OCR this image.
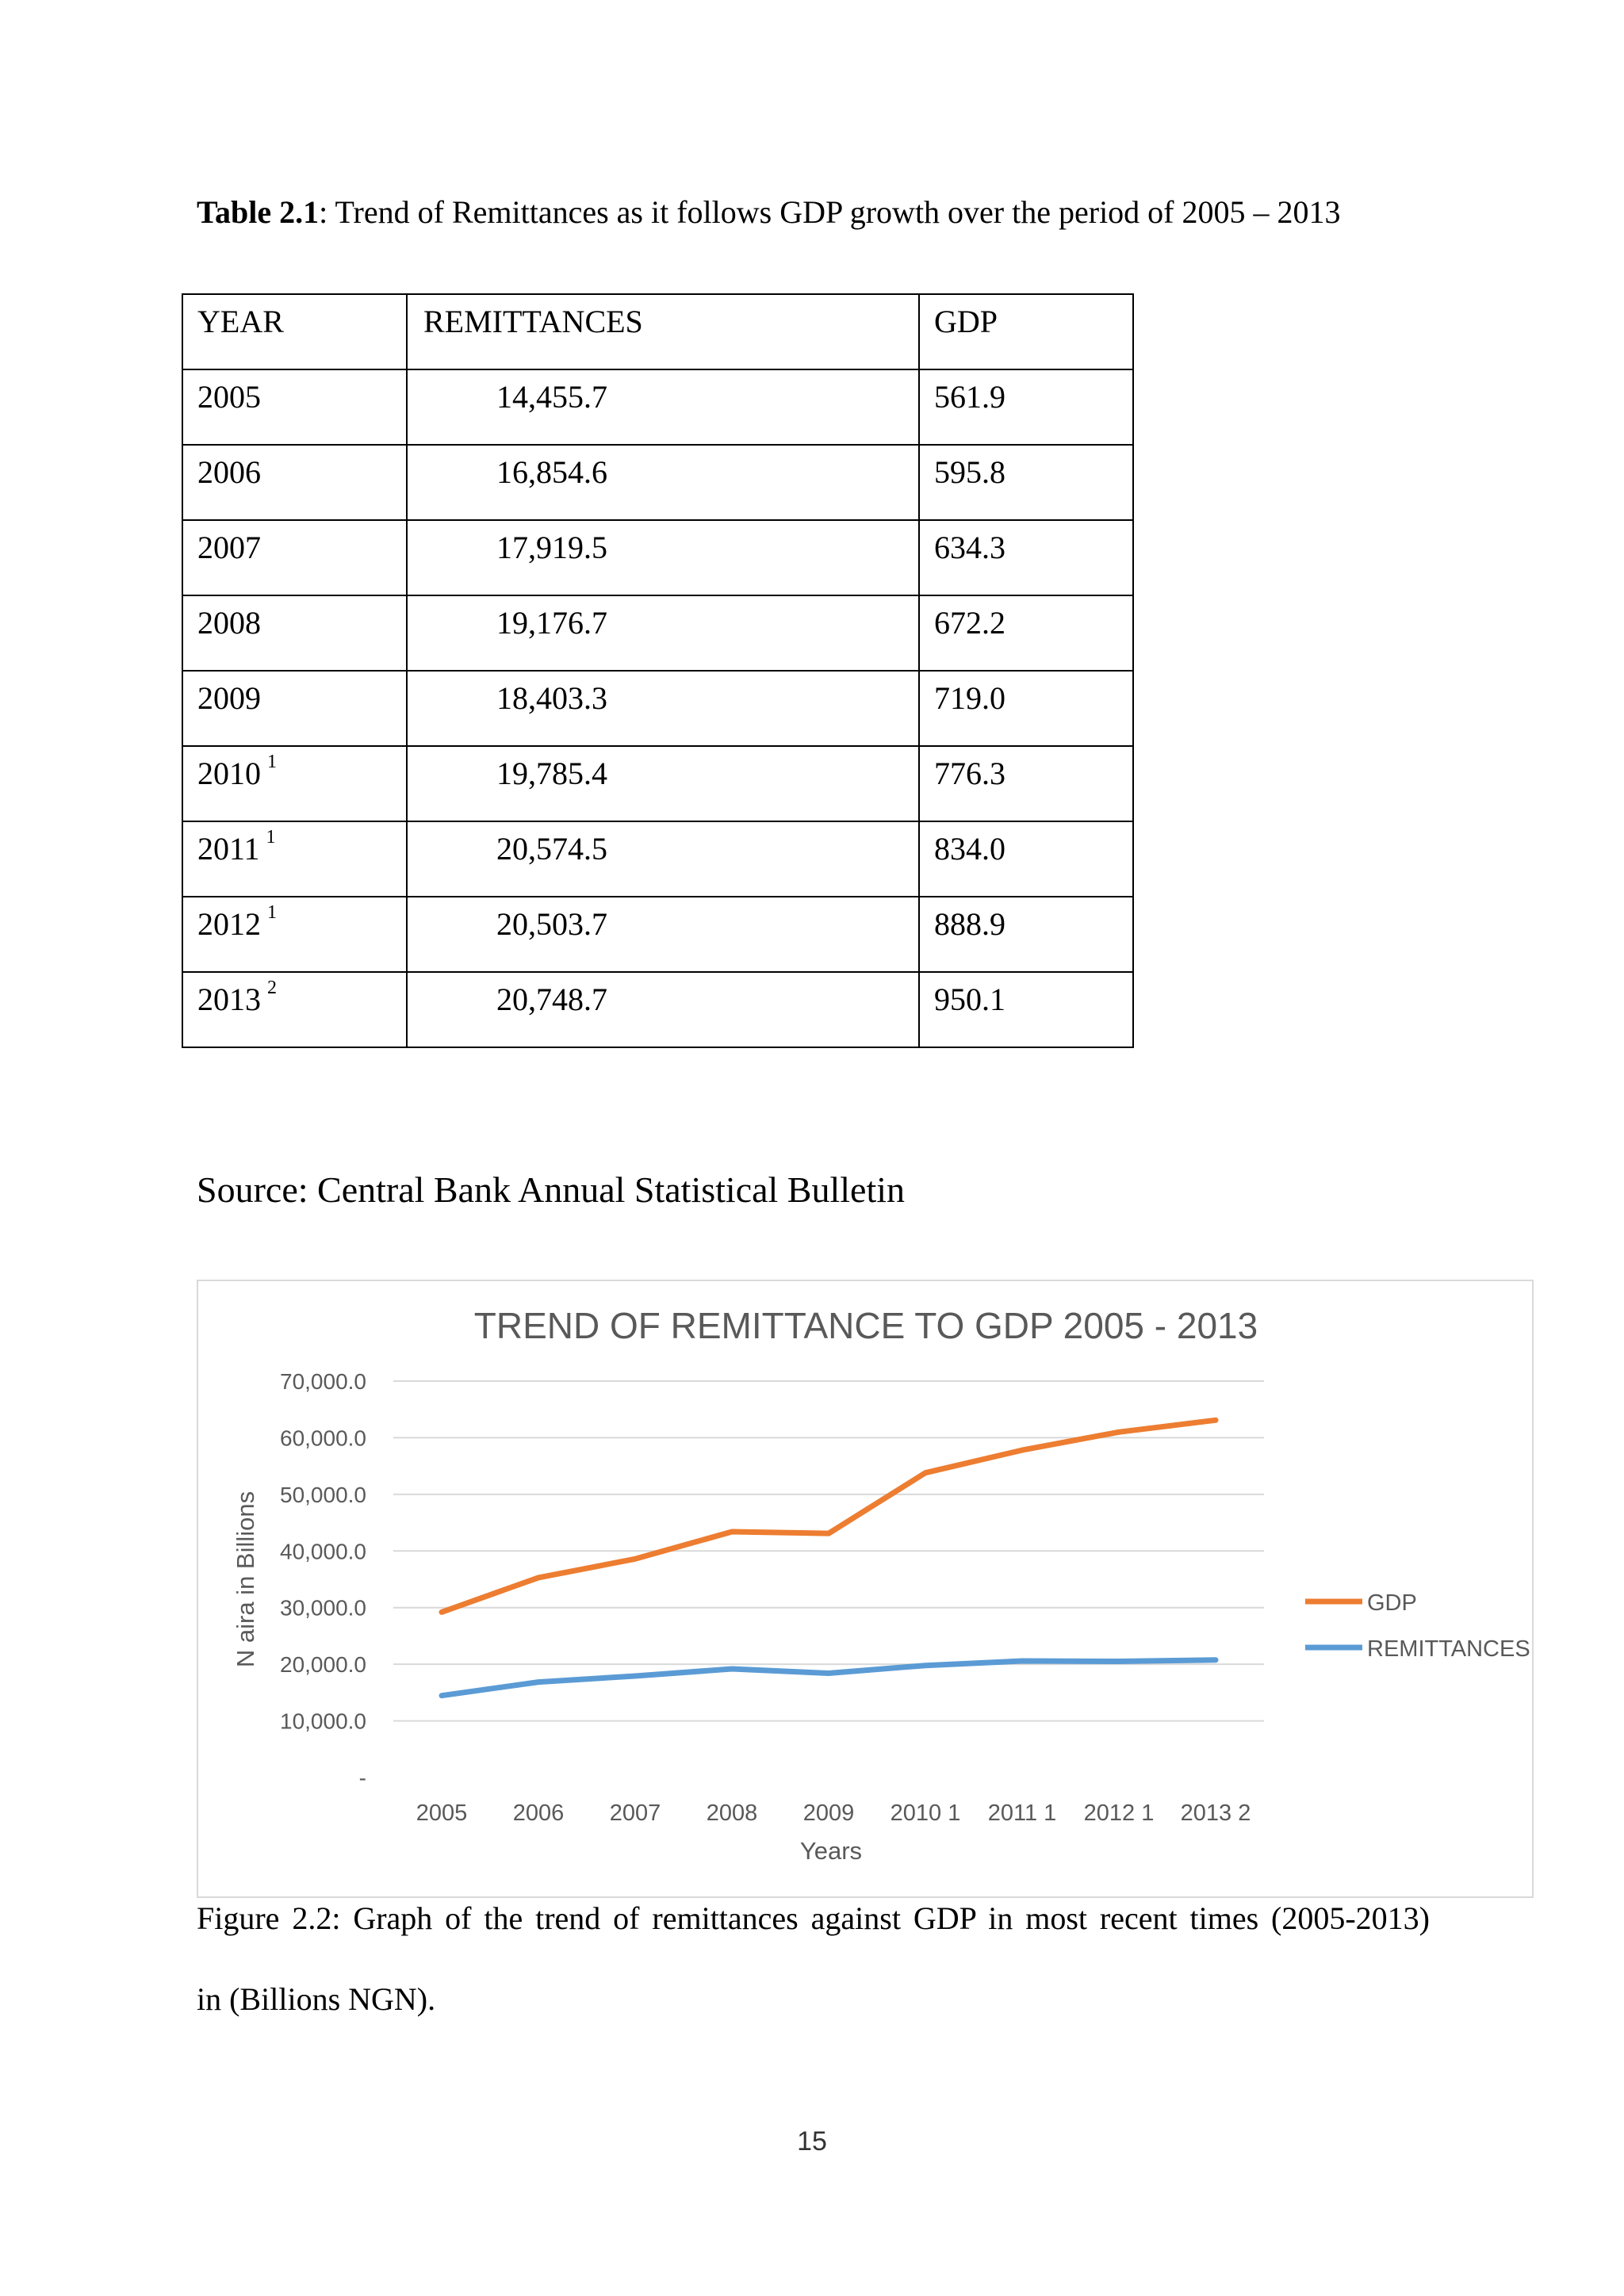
Table 2.1: Trend of Remittances as it follows GDP growth over the period of 2005 – 2013
YEAR	REMITTANCES	GDP

2005	14,455.7	561.9

2006	16,854.6	595.8

2007	17,919.5	634.3

2008	19,176.7	672.2

2009	18,403.3	719.0

2010 $^1$	19,785.4	776.3

2011 $^1$	20,574.5	834.0

2012 $^1$	20,503.7	888.9

2013 $^2$	20,748.7	950.1
Source: Central Bank Annual Statistical Bulletin
TREND OF REMITTANCE TO GDP 2005 - 2013
-
10,000.0
20,000.0
30,000.0
40,000.0
50,000.0
60,000.0
70,000.0
2005 2006 2007 2008 2009 2010 1 2011 1 2012 1 2013 2
Years
N aira in Billions	GDP
REMITTANCES
Figure 2.2: Graph of the trend of remittances against GDP in most recent times (2005-2013)
in (Billions NGN).
15
